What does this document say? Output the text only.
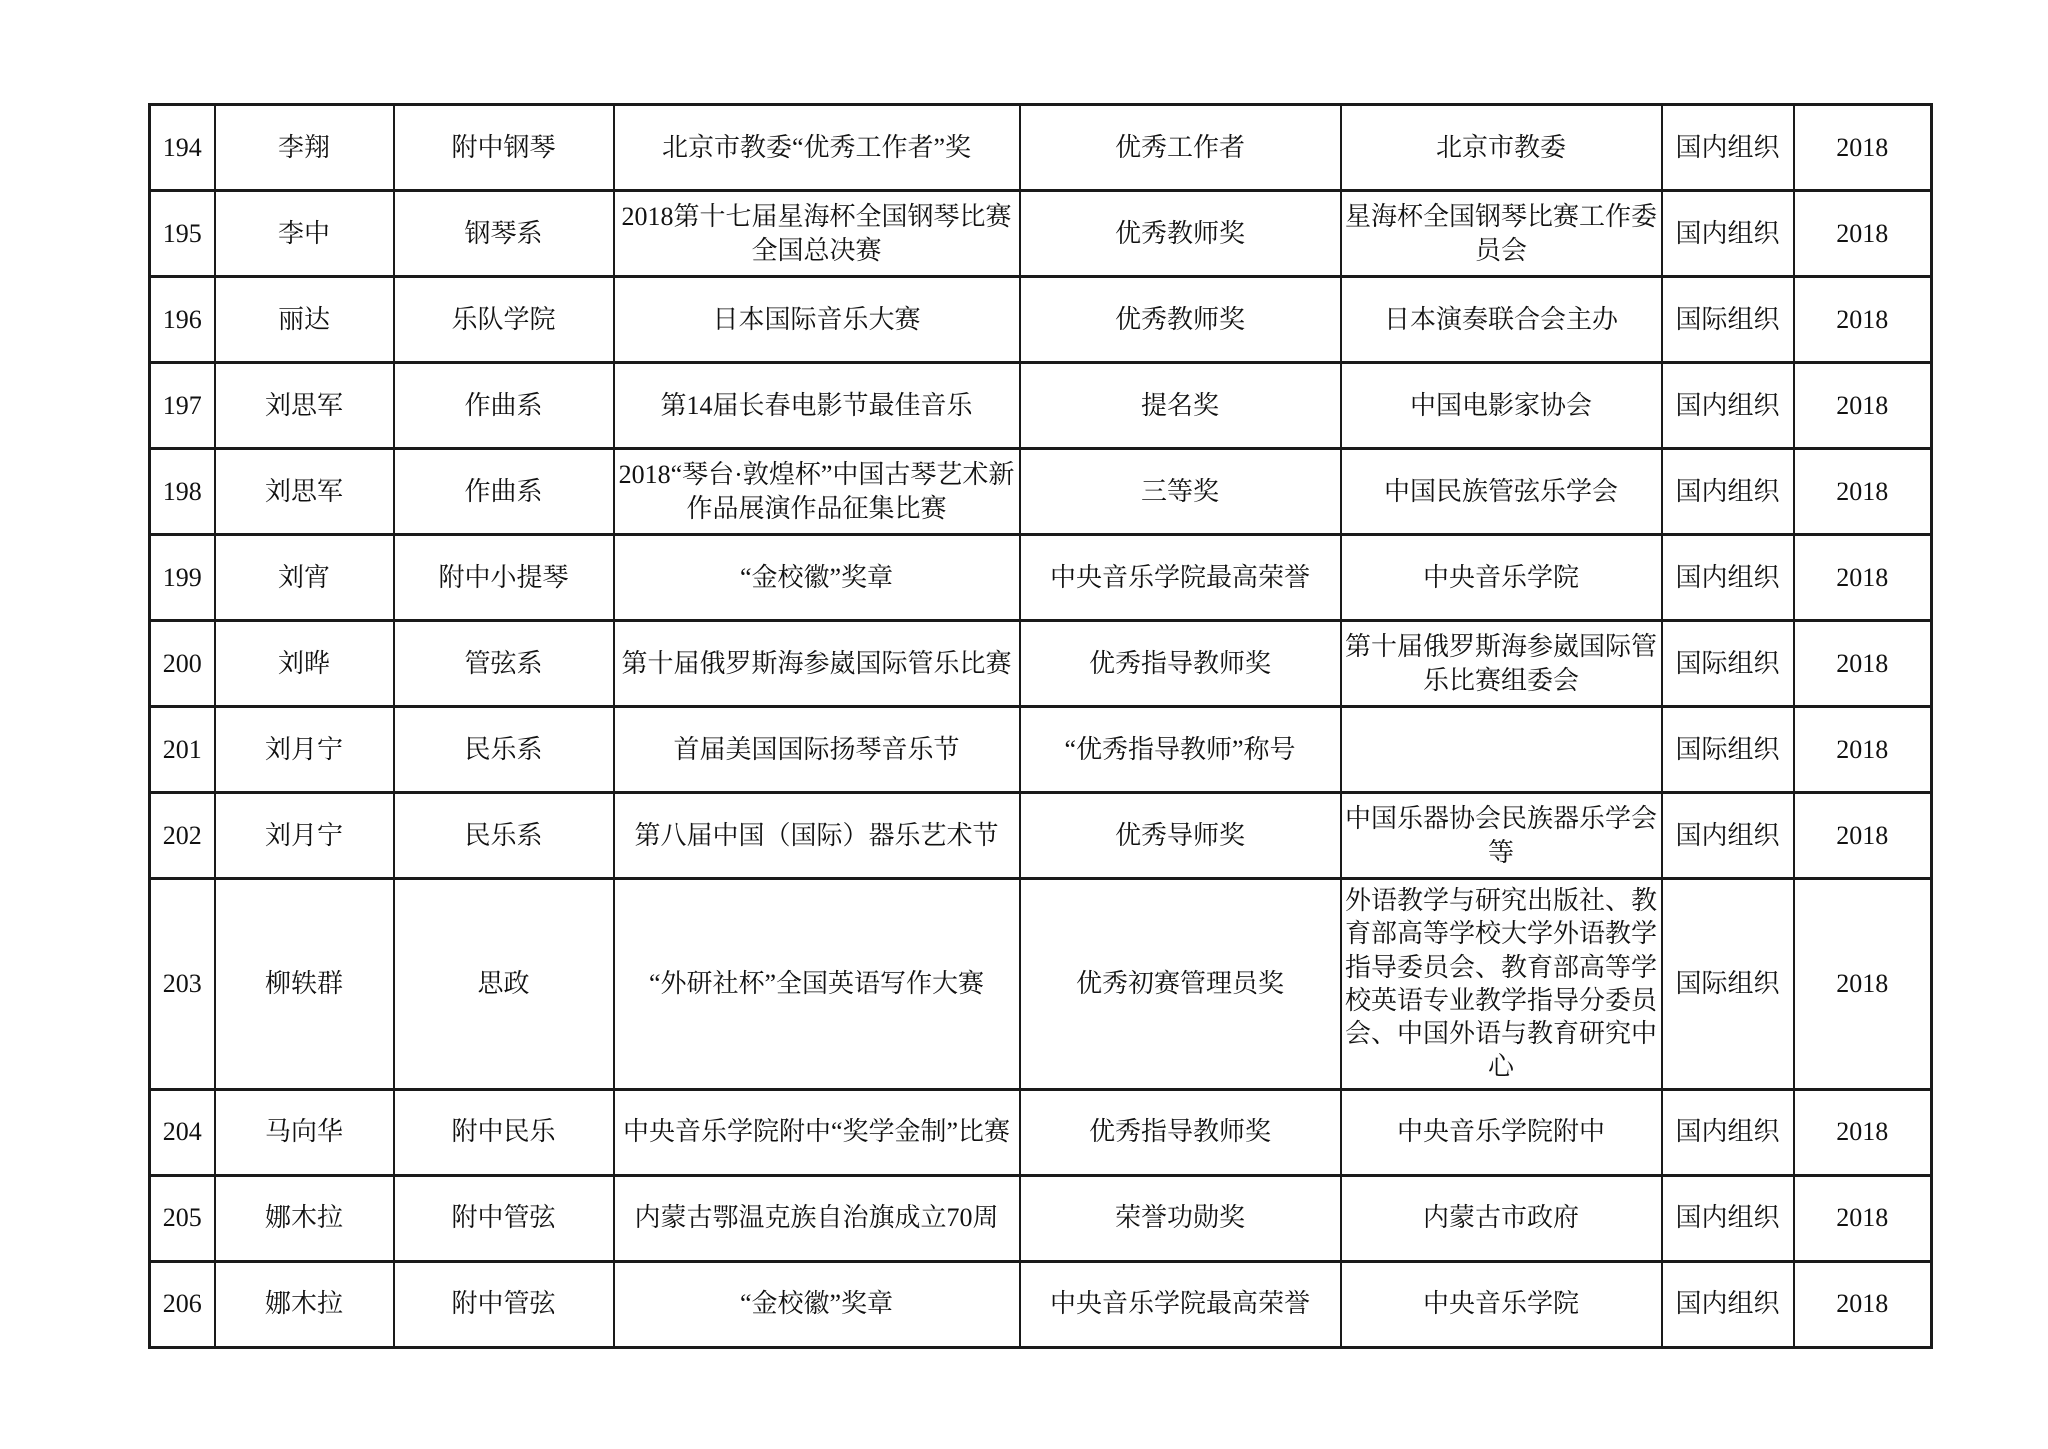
194	李翔	附中钢琴	北京市教委“优秀工作者”奖	优秀工作者	北京市教委	国内组织	2018
195	李中	钢琴系	2018第十七届星海杯全国钢琴比赛全国总决赛	优秀教师奖	星海杯全国钢琴比赛工作委员会	国内组织	2018
196	丽达	乐队学院	日本国际音乐大赛	优秀教师奖	日本演奏联合会主办	国际组织	2018
197	刘思军	作曲系	第14届长春电影节最佳音乐	提名奖	中国电影家协会	国内组织	2018
198	刘思军	作曲系	2018“琴台·敦煌杯”中国古琴艺术新作品展演作品征集比赛	三等奖	中国民族管弦乐学会	国内组织	2018
199	刘宵	附中小提琴	“金校徽”奖章	中央音乐学院最高荣誉	中央音乐学院	国内组织	2018
200	刘晔	管弦系	第十届俄罗斯海参崴国际管乐比赛	优秀指导教师奖	第十届俄罗斯海参崴国际管乐比赛组委会	国际组织	2018
201	刘月宁	民乐系	首届美国国际扬琴音乐节	“优秀指导教师”称号		国际组织	2018
202	刘月宁	民乐系	第八届中国（国际）器乐艺术节	优秀导师奖	中国乐器协会民族器乐学会等	国内组织	2018
203	柳轶群	思政	“外研社杯”全国英语写作大赛	优秀初赛管理员奖	外语教学与研究出版社、教育部高等学校大学外语教学指导委员会、教育部高等学校英语专业教学指导分委员会、中国外语与教育研究中心	国际组织	2018
204	马向华	附中民乐	中央音乐学院附中“奖学金制”比赛	优秀指导教师奖	中央音乐学院附中	国内组织	2018
205	娜木拉	附中管弦	内蒙古鄂温克族自治旗成立70周	荣誉功勋奖	内蒙古市政府	国内组织	2018
206	娜木拉	附中管弦	“金校徽”奖章	中央音乐学院最高荣誉	中央音乐学院	国内组织	2018
